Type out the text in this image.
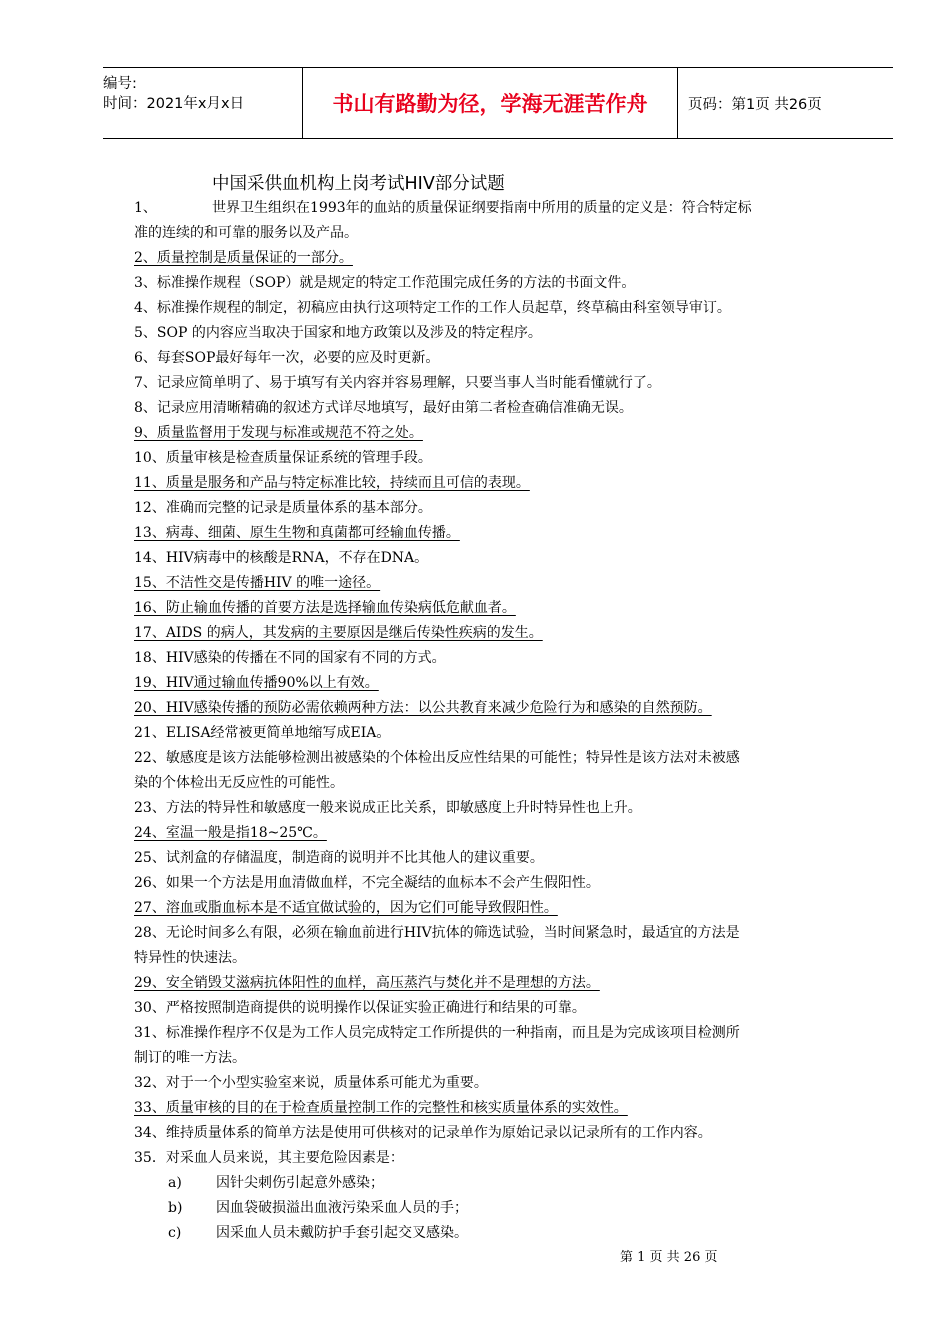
编号:
时间：2021年x月x日	书山有路勤为径，学海无涯苦作舟	页码：第1页 共26页
中国采供血机构上岗考试HIV部分试题
1、	世界卫生组织在1993年的血站的质量保证纲要指南中所用的质量的定义是：符合特定标
准的连续的和可靠的服务以及产品。
2、质量控制是质量保证的一部分。
3、标准操作规程（SOP）就是规定的特定工作范围完成任务的方法的书面文件。
4、标准操作规程的制定，初稿应由执行这项特定工作的工作人员起草，终草稿由科室领导审订。
5、SOP 的内容应当取决于国家和地方政策以及涉及的特定程序。
6、每套SOP最好每年一次，必要的应及时更新。
7、记录应简单明了、易于填写有关内容并容易理解，只要当事人当时能看懂就行了。
8、记录应用清晰精确的叙述方式详尽地填写，最好由第二者检查确信准确无误。
9、质量监督用于发现与标准或规范不符之处。
10、质量审核是检查质量保证系统的管理手段。
11、质量是服务和产品与特定标准比较，持续而且可信的表现。
12、准确而完整的记录是质量体系的基本部分。
13、病毒、细菌、原生生物和真菌都可经输血传播。
14、HIV病毒中的核酸是RNA，不存在DNA。
15、不洁性交是传播HIV 的唯一途径。
16、防止输血传播的首要方法是选择输血传染病低危献血者。
17、AIDS 的病人，其发病的主要原因是继后传染性疾病的发生。
18、HIV感染的传播在不同的国家有不同的方式。
19、HIV通过输血传播90%以上有效。
20、HIV感染传播的预防必需依赖两种方法：以公共教育来减少危险行为和感染的自然预防。
21、ELISA经常被更简单地缩写成EIA。
22、敏感度是该方法能够检测出被感染的个体检出反应性结果的可能性；特异性是该方法对未被感
染的个体检出无反应性的可能性。
23、方法的特异性和敏感度一般来说成正比关系，即敏感度上升时特异性也上升。
24、室温一般是指18~25℃。
25、试剂盒的存储温度，制造商的说明并不比其他人的建议重要。
26、如果一个方法是用血清做血样，不完全凝结的血标本不会产生假阳性。
27、溶血或脂血标本是不适宜做试验的，因为它们可能导致假阳性。
28、无论时间多么有限，必须在输血前进行HIV抗体的筛选试验，当时间紧急时，最适宜的方法是
特异性的快速法。
29、安全销毁艾滋病抗体阳性的血样，高压蒸汽与焚化并不是理想的方法。
30、严格按照制造商提供的说明操作以保证实验正确进行和结果的可靠。
31、标准操作程序不仅是为工作人员完成特定工作所提供的一种指南，而且是为完成该项目检测所
制订的唯一方法。
32、对于一个小型实验室来说，质量体系可能尤为重要。
33、质量审核的目的在于检查质量控制工作的完整性和核实质量体系的实效性。
34、维持质量体系的简单方法是使用可供核对的记录单作为原始记录以记录所有的工作内容。
35．对采血人员来说，其主要危险因素是：
a) 因针尖刺伤引起意外感染；
b) 因血袋破损溢出血液污染采血人员的手；
c) 因采血人员未戴防护手套引起交叉感染。
第 1 页 共 26 页
